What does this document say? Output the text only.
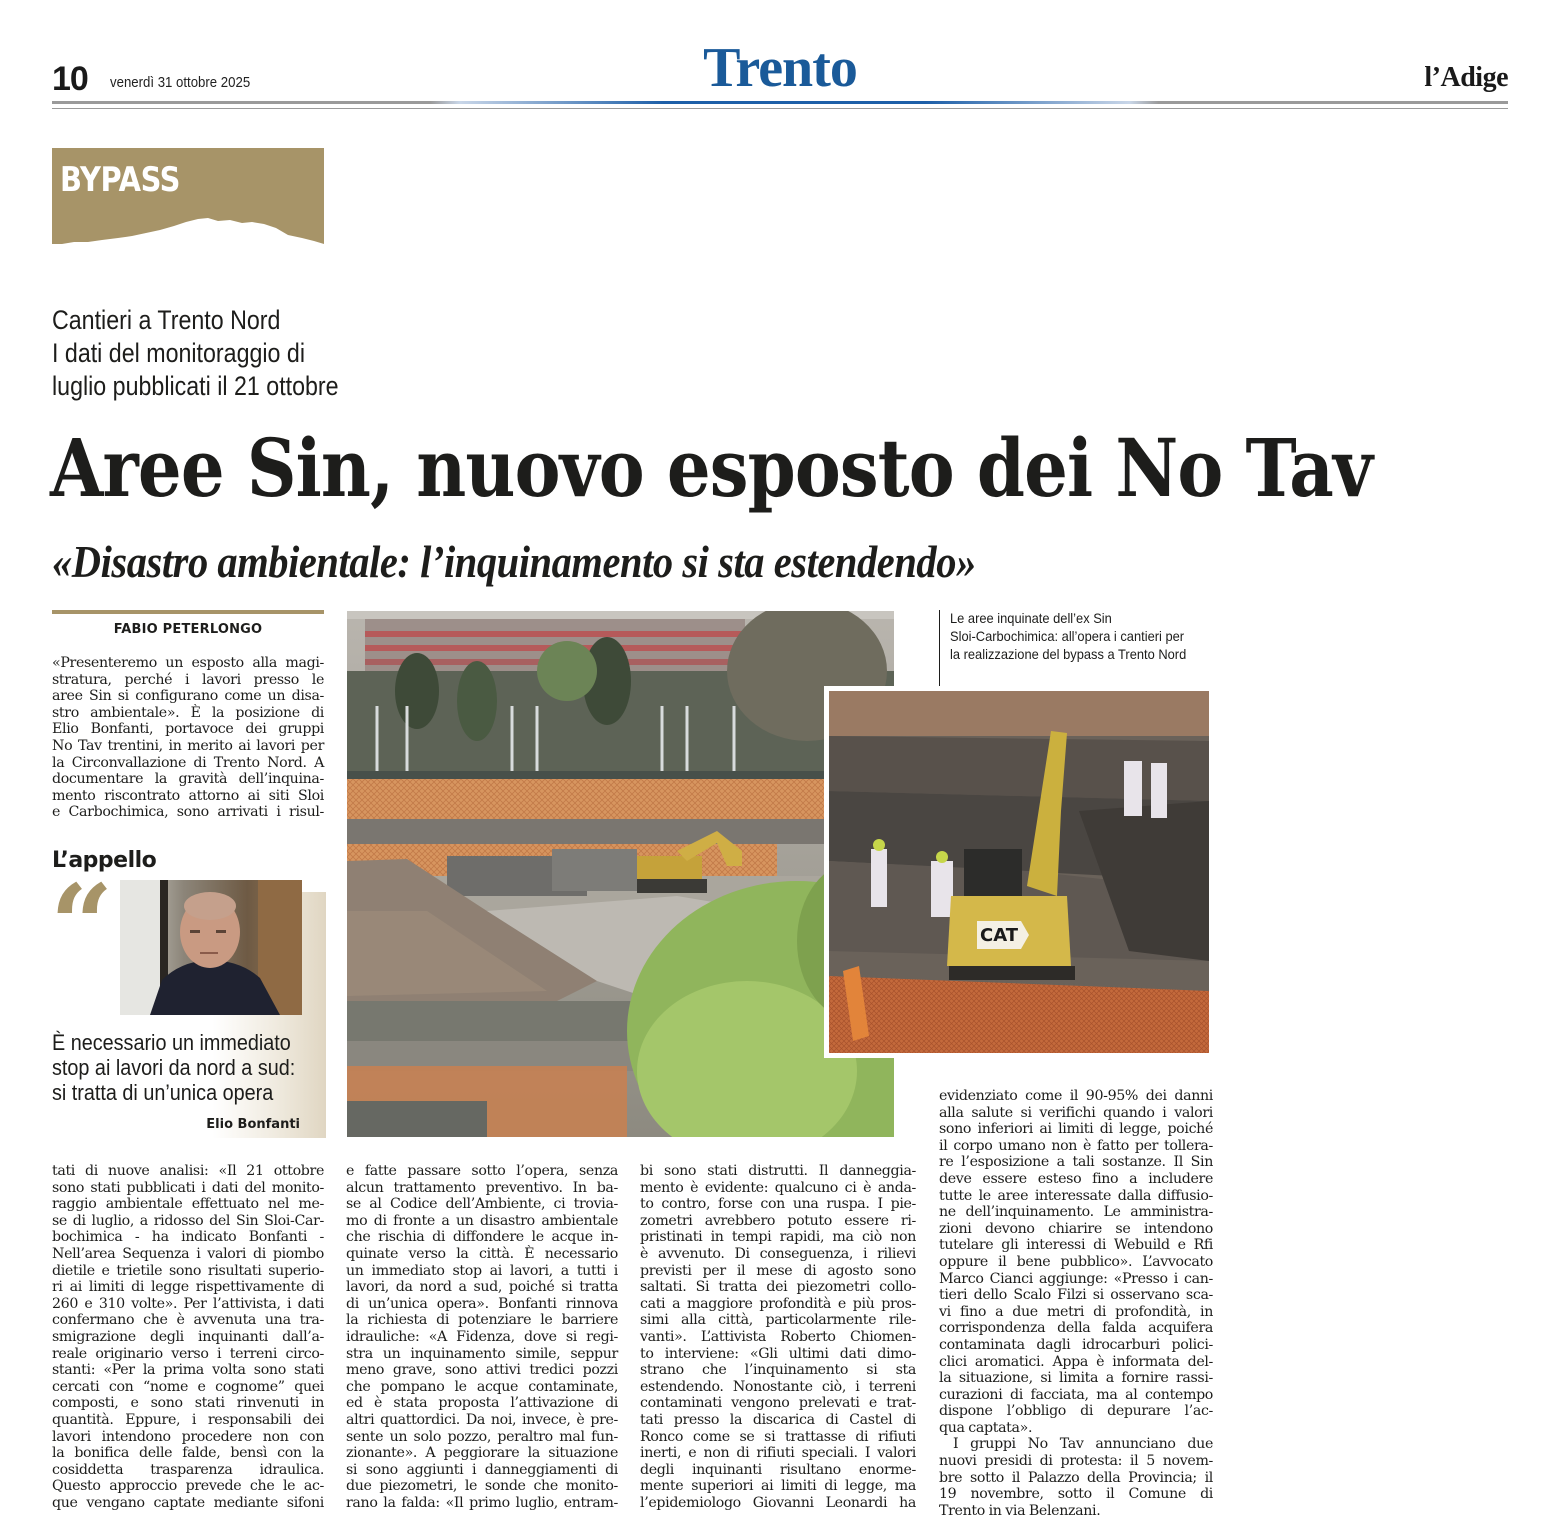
10 venerdì 31 ottobre 2025	Trento	l’Adige
BYPASS
Cantieri a Trento Nord
I dati del monitoraggio di
luglio pubblicati il 21 ottobre
Aree Sin, nuovo esposto dei No Tav
«Disastro ambientale: l’inquinamento si sta estendendo»
FABIO PETERLONGO
«Presenteremo un esposto alla magi-
stratura, perché i lavori presso le
aree Sin si configurano come un disa-
stro ambientale». È la posizione di
Elio Bonfanti, portavoce dei gruppi
No Tav trentini, in merito ai lavori per
la Circonvallazione di Trento Nord. A
documentare la gravità dell’inquina-
mento riscontrato attorno ai siti Sloi
e Carbochimica, sono arrivati i risul-
L’appello
“
È necessario un immediato
stop ai lavori da nord a sud:
si tratta di un’unica opera
Elio Bonfanti
Le aree inquinate dell’ex Sin
Sloi-Carbochimica: all’opera i cantieri per
la realizzazione del bypass a Trento Nord
CAT
tati di nuove analisi: «Il 21 ottobre
sono stati pubblicati i dati del monito-
raggio ambientale effettuato nel me-
se di luglio, a ridosso del Sin Sloi-Car-
bochimica - ha indicato Bonfanti -
Nell’area Sequenza i valori di piombo
dietile e trietile sono risultati superio-
ri ai limiti di legge rispettivamente di
260 e 310 volte». Per l’attivista, i dati
confermano che è avvenuta una tra-
smigrazione degli inquinanti dall’a-
reale originario verso i terreni circo-
stanti: «Per la prima volta sono stati
cercati con “nome e cognome” quei
composti, e sono stati rinvenuti in
quantità. Eppure, i responsabili dei
lavori intendono procedere non con
la bonifica delle falde, bensì con la
cosiddetta trasparenza idraulica.
Questo approccio prevede che le ac-
que vengano captate mediante sifoni
e fatte passare sotto l’opera, senza
alcun trattamento preventivo. In ba-
se al Codice dell’Ambiente, ci trovia-
mo di fronte a un disastro ambientale
che rischia di diffondere le acque in-
quinate verso la città. È necessario
un immediato stop ai lavori, a tutti i
lavori, da nord a sud, poiché si tratta
di un’unica opera». Bonfanti rinnova
la richiesta di potenziare le barriere
idrauliche: «A Fidenza, dove si regi-
stra un inquinamento simile, seppur
meno grave, sono attivi tredici pozzi
che pompano le acque contaminate,
ed è stata proposta l’attivazione di
altri quattordici. Da noi, invece, è pre-
sente un solo pozzo, peraltro mal fun-
zionante». A peggiorare la situazione
si sono aggiunti i danneggiamenti di
due piezometri, le sonde che monito-
rano la falda: «Il primo luglio, entram-
bi sono stati distrutti. Il danneggia-
mento è evidente: qualcuno ci è anda-
to contro, forse con una ruspa. I pie-
zometri avrebbero potuto essere ri-
pristinati in tempi rapidi, ma ciò non
è avvenuto. Di conseguenza, i rilievi
previsti per il mese di agosto sono
saltati. Si tratta dei piezometri collo-
cati a maggiore profondità e più pros-
simi alla città, particolarmente rile-
vanti». L’attivista Roberto Chiomen-
to interviene: «Gli ultimi dati dimo-
strano che l’inquinamento si sta
estendendo. Nonostante ciò, i terreni
contaminati vengono prelevati e trat-
tati presso la discarica di Castel di
Ronco come se si trattasse di rifiuti
inerti, e non di rifiuti speciali. I valori
degli inquinanti risultano enorme-
mente superiori ai limiti di legge, ma
l’epidemiologo Giovanni Leonardi ha
evidenziato come il 90-95% dei danni
alla salute si verifichi quando i valori
sono inferiori ai limiti di legge, poiché
il corpo umano non è fatto per tollera-
re l’esposizione a tali sostanze. Il Sin
deve essere esteso fino a includere
tutte le aree interessate dalla diffusio-
ne dell’inquinamento. Le amministra-
zioni devono chiarire se intendono
tutelare gli interessi di Webuild e Rfi
oppure il bene pubblico». L’avvocato
Marco Cianci aggiunge: «Presso i can-
tieri dello Scalo Filzi si osservano sca-
vi fino a due metri di profondità, in
corrispondenza della falda acquifera
contaminata dagli idrocarburi polici-
clici aromatici. Appa è informata del-
la situazione, si limita a fornire rassi-
curazioni di facciata, ma al contempo
dispone l’obbligo di depurare l’ac-
qua captata».
I gruppi No Tav annunciano due
nuovi presidi di protesta: il 5 novem-
bre sotto il Palazzo della Provincia; il
19 novembre, sotto il Comune di
Trento in via Belenzani.
